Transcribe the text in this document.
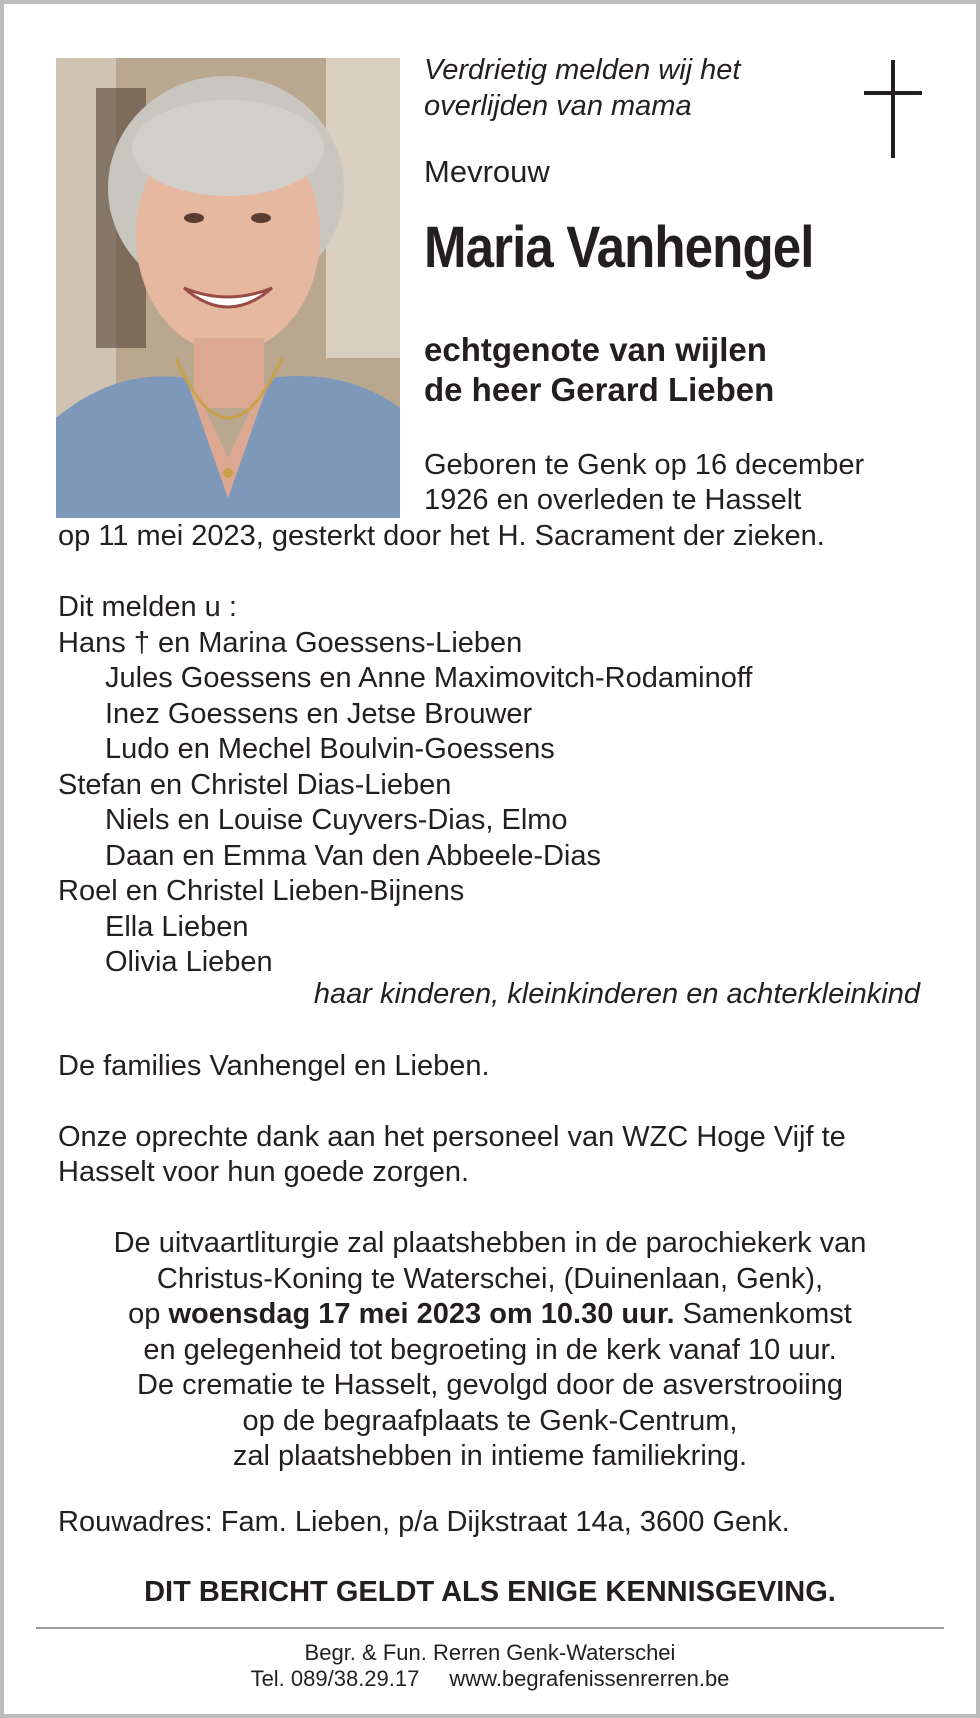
Verdrietig melden wij het
overlijden van mama
Mevrouw
Maria Vanhengel
echtgenote van wijlen
de heer Gerard Lieben
Geboren te Genk op 16 december
1926 en overleden te Hasselt
op 11 mei 2023, gesterkt door het H. Sacrament der zieken.
Dit melden u :
Hans † en Marina Goessens-Lieben
Jules Goessens en Anne Maximovitch-Rodaminoff
Inez Goessens en Jetse Brouwer
Ludo en Mechel Boulvin-Goessens
Stefan en Christel Dias-Lieben
Niels en Louise Cuyvers-Dias, Elmo
Daan en Emma Van den Abbeele-Dias
Roel en Christel Lieben-Bijnens
Ella Lieben
Olivia Lieben
haar kinderen, kleinkinderen en achterkleinkind
De families Vanhengel en Lieben.
Onze oprechte dank aan het personeel van WZC Hoge Vijf te
Hasselt voor hun goede zorgen.
De uitvaartliturgie zal plaatshebben in de parochiekerk van
Christus-Koning te Waterschei, (Duinenlaan, Genk),
op woensdag 17 mei 2023 om 10.30 uur. Samenkomst
en gelegenheid tot begroeting in de kerk vanaf 10 uur.
De crematie te Hasselt, gevolgd door de asverstrooiing
op de begraafplaats te Genk-Centrum,
zal plaatshebben in intieme familiekring.
Rouwadres: Fam. Lieben, p/a Dijkstraat 14a, 3600 Genk.
DIT BERICHT GELDT ALS ENIGE KENNISGEVING.
Begr. & Fun. Rerren Genk-Waterschei
Tel. 089/38.29.17 www.begrafenissenrerren.be
